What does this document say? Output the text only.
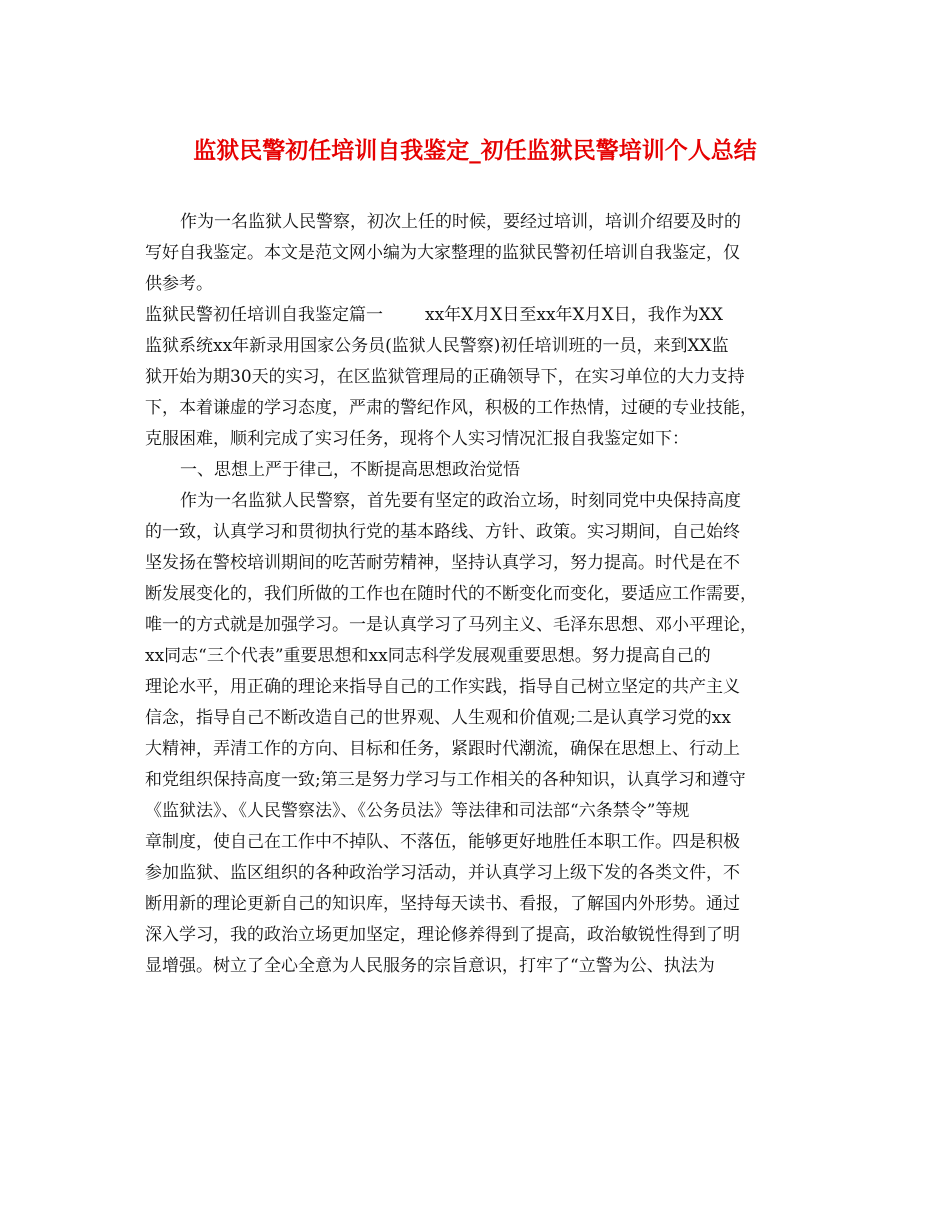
监狱民警初任培训自我鉴定_初任监狱民警培训个人总结
作为一名监狱人民警察，初次上任的时候，要经过培训，培训介绍要及时的
写好自我鉴定。本文是范文网小编为大家整理的监狱民警初任培训自我鉴定，仅
供参考。
监狱民警初任培训自我鉴定篇一 xx年X月X日至xx年X月X日，我作为XX
监狱系统xx年新录用国家公务员(监狱人民警察)初任培训班的一员，来到XX监
狱开始为期30天的实习，在区监狱管理局的正确领导下，在实习单位的大力支持
下，本着谦虚的学习态度，严肃的警纪作风，积极的工作热情，过硬的专业技能，
克服困难，顺利完成了实习任务，现将个人实习情况汇报自我鉴定如下：
一、思想上严于律己，不断提高思想政治觉悟
作为一名监狱人民警察，首先要有坚定的政治立场，时刻同党中央保持高度
的一致，认真学习和贯彻执行党的基本路线、方针、政策。实习期间，自己始终
坚发扬在警校培训期间的吃苦耐劳精神，坚持认真学习，努力提高。时代是在不
断发展变化的，我们所做的工作也在随时代的不断变化而变化，要适应工作需要，
唯一的方式就是加强学习。一是认真学习了马列主义、毛泽东思想、邓小平理论，
xx同志“三个代表”重要思想和xx同志科学发展观重要思想。努力提高自己的
理论水平，用正确的理论来指导自己的工作实践，指导自己树立坚定的共产主义
信念，指导自己不断改造自己的世界观、人生观和价值观;二是认真学习党的xx
大精神，弄清工作的方向、目标和任务，紧跟时代潮流，确保在思想上、行动上
和党组织保持高度一致;第三是努力学习与工作相关的各种知识，认真学习和遵守
《监狱法》、《人民警察法》、《公务员法》等法律和司法部“六条禁令”等规
章制度，使自己在工作中不掉队、不落伍，能够更好地胜任本职工作。四是积极
参加监狱、监区组织的各种政治学习活动，并认真学习上级下发的各类文件，不
断用新的理论更新自己的知识库，坚持每天读书、看报，了解国内外形势。通过
深入学习，我的政治立场更加坚定，理论修养得到了提高，政治敏锐性得到了明
显增强。树立了全心全意为人民服务的宗旨意识，打牢了“立警为公、执法为
